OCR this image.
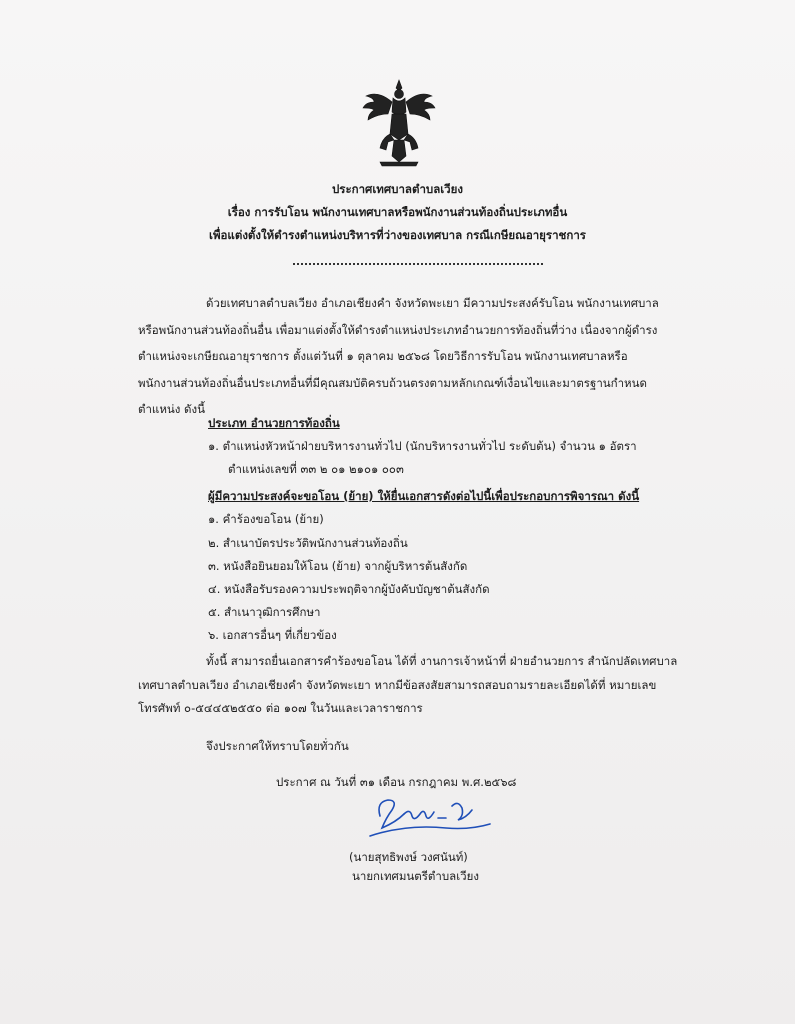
ประกาศเทศบาลตำบลเวียง
เรื่อง การรับโอน พนักงานเทศบาลหรือพนักงานส่วนท้องถิ่นประเภทอื่น
เพื่อแต่งตั้งให้ดำรงตำแหน่งบริหารที่ว่างของเทศบาล กรณีเกษียณอายุราชการ
ด้วยเทศบาลตำบลเวียง อำเภอเชียงคำ จังหวัดพะเยา มีความประสงค์รับโอน พนักงานเทศบาล
หรือพนักงานส่วนท้องถิ่นอื่น เพื่อมาแต่งตั้งให้ดำรงตำแหน่งประเภทอำนวยการท้องถิ่นที่ว่าง เนื่องจากผู้ดำรง
ตำแหน่งจะเกษียณอายุราชการ ตั้งแต่วันที่ ๑ ตุลาคม ๒๕๖๘ โดยวิธีการรับโอน พนักงานเทศบาลหรือ
พนักงานส่วนท้องถิ่นอื่นประเภทอื่นที่มีคุณสมบัติครบถ้วนตรงตามหลักเกณฑ์เงื่อนไขและมาตรฐานกำหนด
ตำแหน่ง ดังนี้
ประเภท อำนวยการท้องถิ่น
๑. ตำแหน่งหัวหน้าฝ่ายบริหารงานทั่วไป (นักบริหารงานทั่วไป ระดับต้น) จำนวน ๑ อัตรา
ตำแหน่งเลขที่ ๓๓ ๒ ๐๑ ๒๑๐๑ ๐๐๓
ผู้มีความประสงค์จะขอโอน (ย้าย) ให้ยื่นเอกสารดังต่อไปนี้เพื่อประกอบการพิจารณา ดังนี้
๑. คำร้องขอโอน (ย้าย)
๒. สำเนาบัตรประวัติพนักงานส่วนท้องถิ่น
๓. หนังสือยินยอมให้โอน (ย้าย) จากผู้บริหารต้นสังกัด
๔. หนังสือรับรองความประพฤติจากผู้บังคับบัญชาต้นสังกัด
๕. สำเนาวุฒิการศึกษา
๖. เอกสารอื่นๆ ที่เกี่ยวข้อง
ทั้งนี้ สามารถยื่นเอกสารคำร้องขอโอน ได้ที่ งานการเจ้าหน้าที่ ฝ่ายอำนวยการ สำนักปลัดเทศบาล
เทศบาลตำบลเวียง อำเภอเชียงคำ จังหวัดพะเยา หากมีข้อสงสัยสามารถสอบถามรายละเอียดได้ที่ หมายเลข
โทรศัพท์ ๐-๕๔๔๕๒๕๕๐ ต่อ ๑๐๗ ในวันและเวลาราชการ
จึงประกาศให้ทราบโดยทั่วกัน
ประกาศ ณ วันที่ ๓๑ เดือน กรกฎาคม พ.ศ.๒๕๖๘
(นายสุทธิพงษ์ วงศนันท์)
นายกเทศมนตรีตำบลเวียง
